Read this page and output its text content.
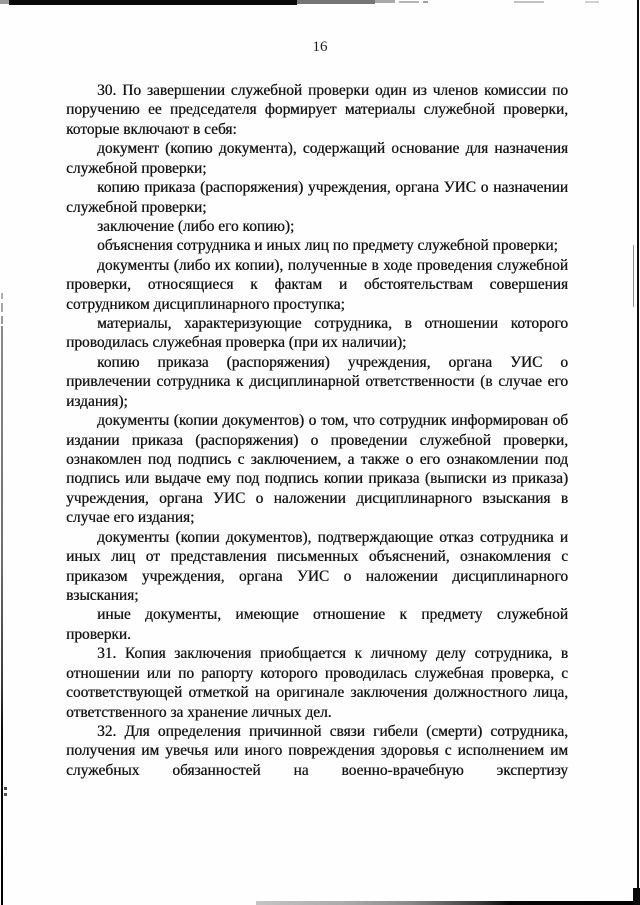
16

30. По завершении служебной проверки один из членов комиссии по поручению ее председателя формирует материалы служебной проверки, которые включают в себя:

документ (копию документа), содержащий основание для назначения служебной проверки;

копию приказа (распоряжения) учреждения, органа УИС о назначении служебной проверки;

заключение (либо его копию);

объяснения сотрудника и иных лиц по предмету служебной проверки;

документы (либо их копии), полученные в ходе проведения служебной проверки, относящиеся к фактам и обстоятельствам совершения сотрудником дисциплинарного проступка;

материалы, характеризующие сотрудника, в отношении которого проводилась служебная проверка (при их наличии);

копию приказа (распоряжения) учреждения, органа УИС о привлечении сотрудника к дисциплинарной ответственности (в случае его издания);

документы (копии документов) о том, что сотрудник информирован об издании приказа (распоряжения) о проведении служебной проверки, ознакомлен под подпись с заключением, а также о его ознакомлении под подпись или выдаче ему под подпись копии приказа (выписки из приказа) учреждения, органа УИС о наложении дисциплинарного взыскания в случае его издания;

документы (копии документов), подтверждающие отказ сотрудника и иных лиц от представления письменных объяснений, ознакомления с приказом учреждения, органа УИС о наложении дисциплинарного взыскания;

иные документы, имеющие отношение к предмету служебной проверки.

31. Копия заключения приобщается к личному делу сотрудника, в отношении или по рапорту которого проводилась служебная проверка, с соответствующей отметкой на оригинале заключения должностного лица, ответственного за хранение личных дел.

32. Для определения причинной связи гибели (смерти) сотрудника, получения им увечья или иного повреждения здоровья с исполнением им служебных обязанностей на военно-врачебную экспертизу
